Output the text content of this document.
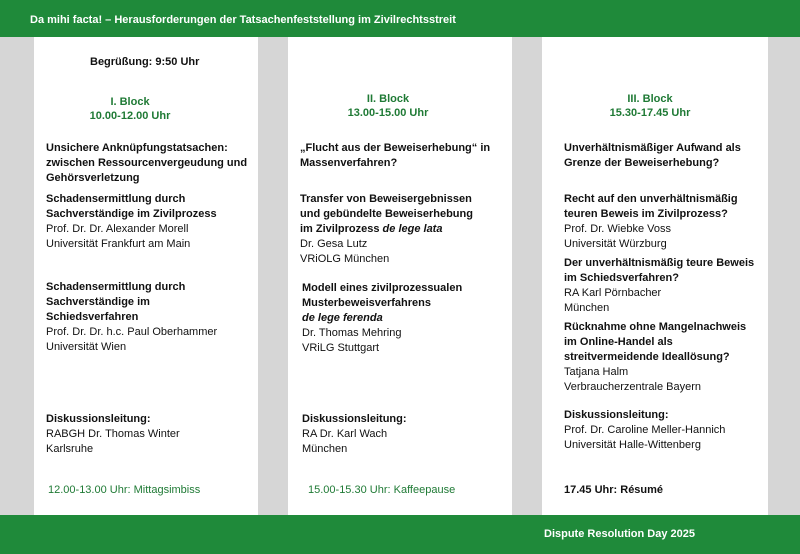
Da mihi facta! – Herausforderungen der Tatsachenfeststellung im Zivilrechtsstreit
Begrüßung: 9:50 Uhr
I. Block
10.00-12.00 Uhr
Unsichere Anknüpfungstatsachen:
zwischen Ressourcenvergeudung und
Gehörsverletzung
Schadensermittlung durch
Sachverständige im Zivilprozess
Prof. Dr. Dr. Alexander Morell
Universität Frankfurt am Main
Schadensermittlung durch
Sachverständige im
Schiedsverfahren
Prof. Dr. Dr. h.c. Paul Oberhammer
Universität Wien
Diskussionsleitung:
RABGH Dr. Thomas Winter
Karlsruhe
12.00-13.00 Uhr: Mittagsimbiss
II. Block
13.00-15.00 Uhr
„Flucht aus der Beweiserhebung“ in
Massenverfahren?
Transfer von Beweisergebnissen
und gebündelte Beweiserhebung
im Zivilprozess de lege lata
Dr. Gesa Lutz
VRiOLG München
Modell eines zivilprozessualen
Musterbeweisverfahrens
de lege ferenda
Dr. Thomas Mehring
VRiLG Stuttgart
Diskussionsleitung:
RA Dr. Karl Wach
München
15.00-15.30 Uhr: Kaffeepause
III. Block
15.30-17.45 Uhr
Unverhältnismäßiger Aufwand als
Grenze der Beweiserhebung?
Recht auf den unverhältnismäßig
teuren Beweis im Zivilprozess?
Prof. Dr. Wiebke Voss
Universität Würzburg
Der unverhältnismäßig teure Beweis
im Schiedsverfahren?
RA Karl Pörnbacher
München
Rücknahme ohne Mangelnachweis
im Online-Handel als
streitvermeidende Ideallösung?
Tatjana Halm
Verbraucherzentrale Bayern
Diskussionsleitung:
Prof. Dr. Caroline Meller-Hannich
Universität Halle-Wittenberg
17.45 Uhr: Résumé
Dispute Resolution Day 2025
